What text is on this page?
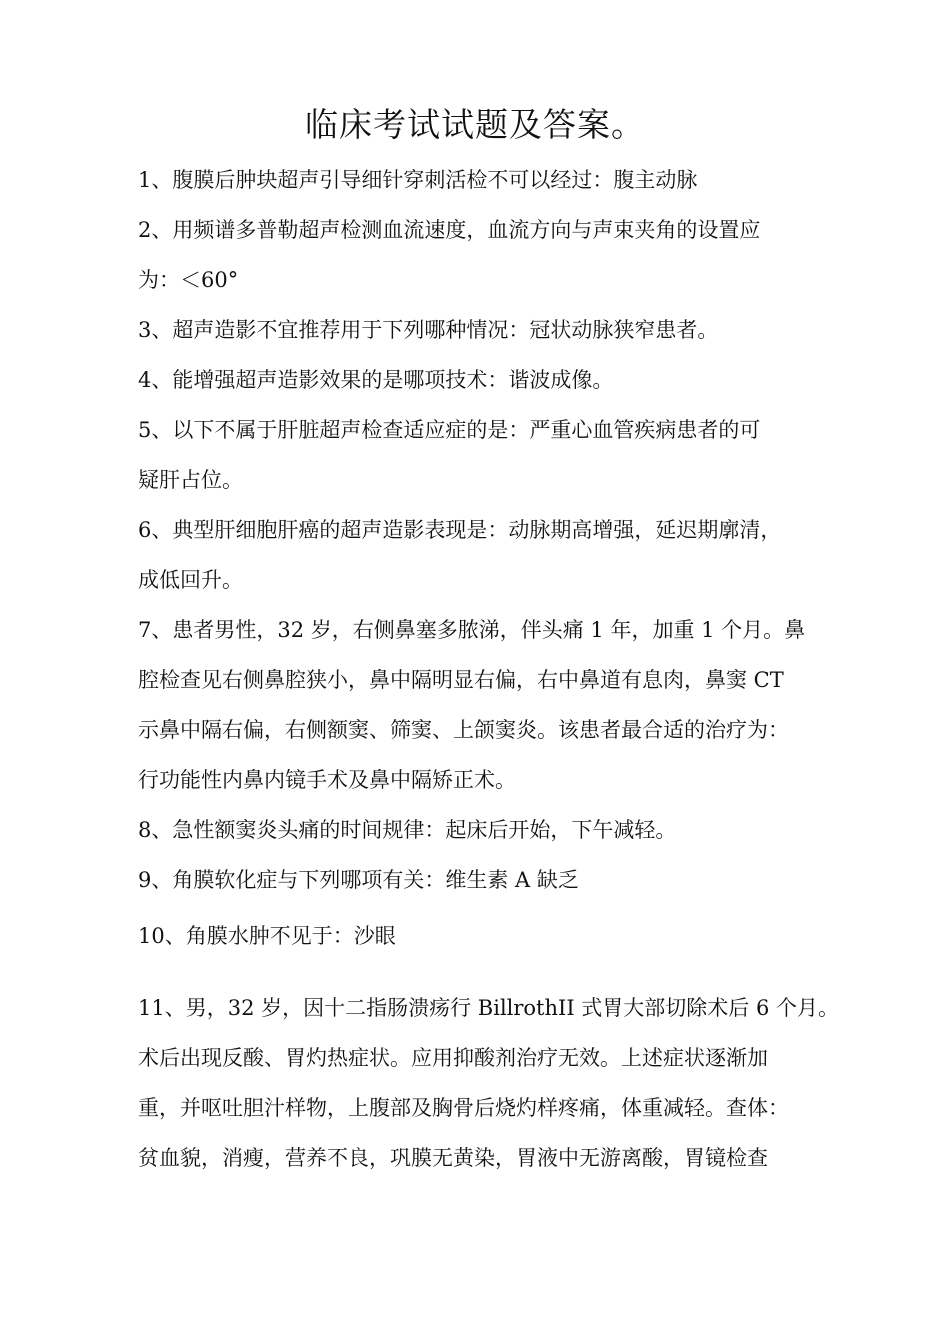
临床考试试题及答案。

1、腹膜后肿块超声引导细针穿刺活检不可以经过：腹主动脉

2、用频谱多普勒超声检测血流速度，血流方向与声束夹角的设置应

为：＜60°

3、超声造影不宜推荐用于下列哪种情况：冠状动脉狭窄患者。

4、能增强超声造影效果的是哪项技术：谐波成像。

5、以下不属于肝脏超声检查适应症的是：严重心血管疾病患者的可

疑肝占位。

6、典型肝细胞肝癌的超声造影表现是：动脉期高增强，延迟期廓清，

成低回升。

7、患者男性，32 岁，右侧鼻塞多脓涕，伴头痛 1 年，加重 1 个月。鼻

腔检查见右侧鼻腔狭小，鼻中隔明显右偏，右中鼻道有息肉，鼻窦 CT

示鼻中隔右偏，右侧额窦、筛窦、上颌窦炎。该患者最合适的治疗为：

行功能性内鼻内镜手术及鼻中隔矫正术。

8、急性额窦炎头痛的时间规律：起床后开始，下午减轻。

9、角膜软化症与下列哪项有关：维生素 A 缺乏

10、角膜水肿不见于：沙眼

11、男，32 岁，因十二指肠溃疡行 BillrothII 式胃大部切除术后 6 个月。

术后出现反酸、胃灼热症状。应用抑酸剂治疗无效。上述症状逐渐加

重，并呕吐胆汁样物，上腹部及胸骨后烧灼样疼痛，体重减轻。查体：

贫血貌，消瘦，营养不良，巩膜无黄染，胃液中无游离酸，胃镜检查
